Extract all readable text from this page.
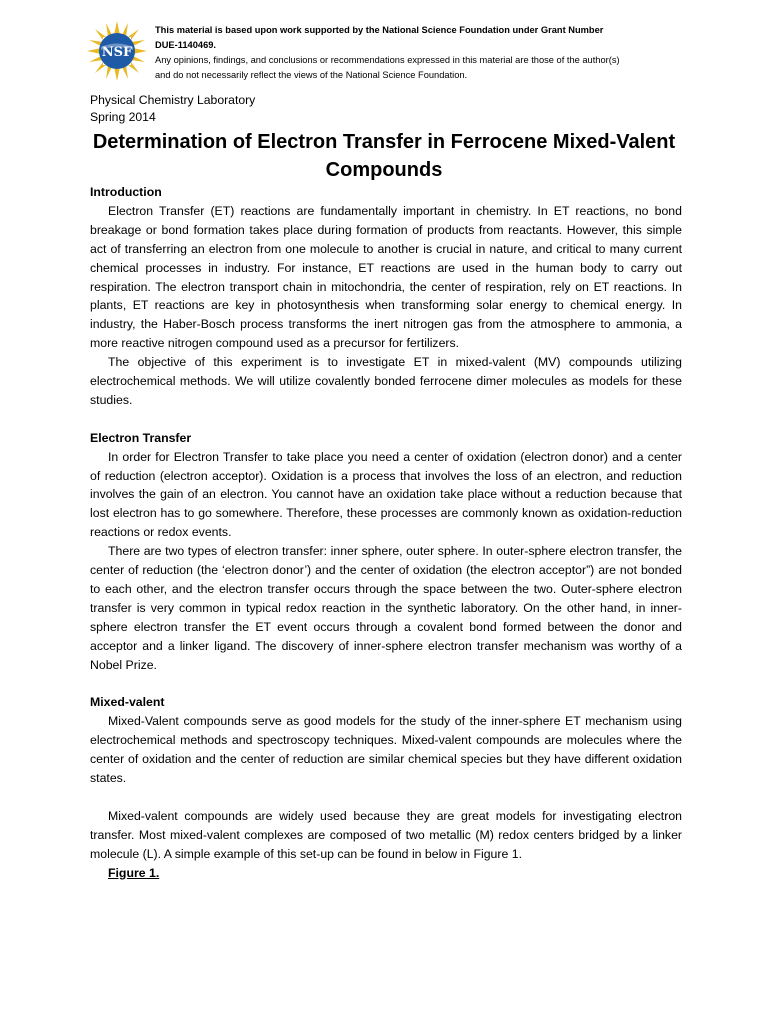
NSF
This material is based upon work supported by the National Science Foundation under Grant Number
DUE-1140469.
Any opinions, findings, and conclusions or recommendations expressed in this material are those of the author(s)
and do not necessarily reflect the views of the National Science Foundation.
Physical Chemistry Laboratory
Spring 2014
Determination of Electron Transfer in Ferrocene Mixed-Valent Compounds
Introduction

Electron Transfer (ET) reactions are fundamentally important in chemistry. In ET reactions, no bond breakage or bond formation takes place during formation of products from reactants. However, this simple act of transferring an electron from one molecule to another is crucial in nature, and critical to many current chemical processes in industry. For instance, ET reactions are used in the human body to carry out respiration. The electron transport chain in mitochondria, the center of respiration, rely on ET reactions. In plants, ET reactions are key in photosynthesis when transforming solar energy to chemical energy. In industry, the Haber-Bosch process transforms the inert nitrogen gas from the atmosphere to ammonia, a more reactive nitrogen compound used as a precursor for fertilizers.

The objective of this experiment is to investigate ET in mixed-valent (MV) compounds utilizing electrochemical methods. We will utilize covalently bonded ferrocene dimer molecules as models for these studies.

Electron Transfer

In order for Electron Transfer to take place you need a center of oxidation (electron donor) and a center of reduction (electron acceptor). Oxidation is a process that involves the loss of an electron, and reduction involves the gain of an electron. You cannot have an oxidation take place without a reduction because that lost electron has to go somewhere. Therefore, these processes are commonly known as oxidation-reduction reactions or redox events.

There are two types of electron transfer: inner sphere, outer sphere. In outer-sphere electron transfer, the center of reduction (the ‘electron donor’) and the center of oxidation (the electron acceptor”) are not bonded to each other, and the electron transfer occurs through the space between the two. Outer-sphere electron transfer is very common in typical redox reaction in the synthetic laboratory. On the other hand, in inner-sphere electron transfer the ET event occurs through a covalent bond formed between the donor and acceptor and a linker ligand. The discovery of inner-sphere electron transfer mechanism was worthy of a Nobel Prize.

Mixed-valent

Mixed-Valent compounds serve as good models for the study of the inner-sphere ET mechanism using electrochemical methods and spectroscopy techniques. Mixed-valent compounds are molecules where the center of oxidation and the center of reduction are similar chemical species but they have different oxidation states.

Mixed-valent compounds are widely used because they are great models for investigating electron transfer. Most mixed-valent complexes are composed of two metallic (M) redox centers bridged by a linker molecule (L). A simple example of this set-up can be found in below in Figure 1.

Figure 1.
